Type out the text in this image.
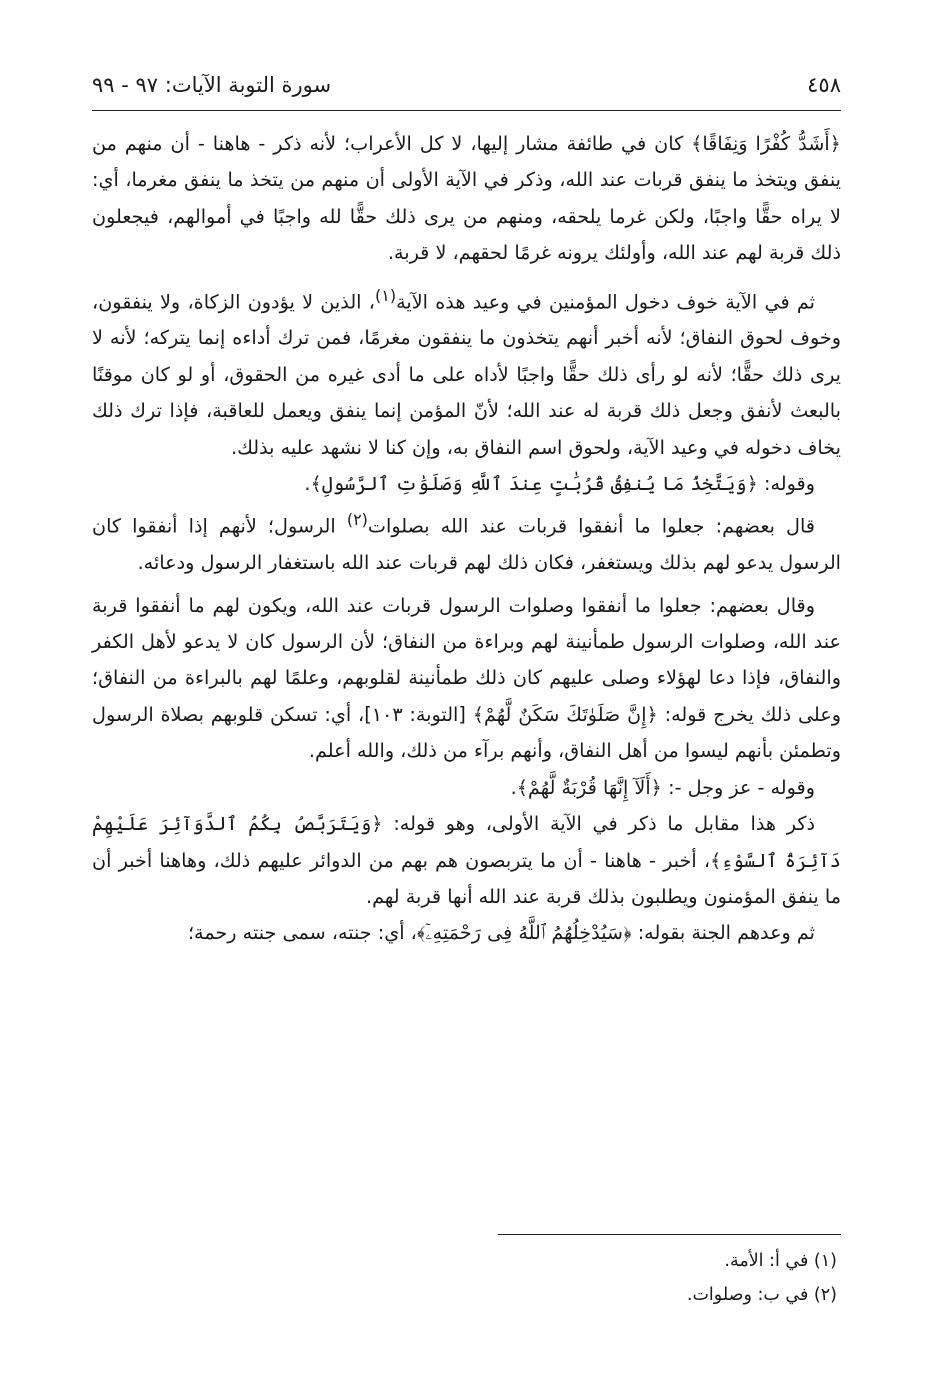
٤٥٨
سورة التوبة الآيات: ٩٧ - ٩٩

﴿أَشَدُّ كُفْرًا وَنِفَاقًا﴾ كان في طائفة مشار إليها، لا كل الأعراب؛ لأنه ذكر - هاهنا - أن منهم من ينفق ويتخذ ما ينفق قربات عند الله، وذكر في الآية الأولى أن منهم من يتخذ ما ينفق مغرما، أي: لا يراه حقًّا واجبًا، ولكن غرما يلحقه، ومنهم من يرى ذلك حقًّا لله واجبًا في أموالهم، فيجعلون ذلك قربة لهم عند الله، وأولئك يرونه غرمًا لحقهم، لا قربة.

ثم في الآية خوف دخول المؤمنين في وعيد هذه الآية$^{(١)}$، الذين لا يؤدون الزكاة، ولا ينفقون، وخوف لحوق النفاق؛ لأنه أخبر أنهم يتخذون ما ينفقون مغرمًا، فمن ترك أداءه إنما يتركه؛ لأنه لا يرى ذلك حقًّا؛ لأنه لو رأى ذلك حقًّا واجبًا لأداه على ما أدى غيره من الحقوق، أو لو كان موقنًا بالبعث لأنفق وجعل ذلك قربة له عند الله؛ لأنّ المؤمن إنما ينفق ويعمل للعاقبة، فإذا ترك ذلك يخاف دخوله في وعيد الآية، ولحوق اسم النفاق به، وإن كنا لا نشهد عليه بذلك.

وقوله: ﴿وَيَتَّخِذُ مَا يُنفِقُ قُرُبَٰتٍ عِندَ ٱللَّهِ وَصَلَوَٰتِ ٱلرَّسُولِ﴾.

قال بعضهم: جعلوا ما أنفقوا قربات عند الله بصلوات$^{(٢)}$ الرسول؛ لأنهم إذا أنفقوا كان الرسول يدعو لهم بذلك ويستغفر، فكان ذلك لهم قربات عند الله باستغفار الرسول ودعائه.

وقال بعضهم: جعلوا ما أنفقوا وصلوات الرسول قربات عند الله، ويكون لهم ما أنفقوا قربة عند الله، وصلوات الرسول طمأنينة لهم وبراءة من النفاق؛ لأن الرسول كان لا يدعو لأهل الكفر والنفاق، فإذا دعا لهؤلاء وصلى عليهم كان ذلك طمأنينة لقلوبهم، وعلمًا لهم بالبراءة من النفاق؛ وعلى ذلك يخرج قوله: ﴿إِنَّ صَلَوٰتَكَ سَكَنٌ لَّهُمْ﴾ [التوبة: ١٠٣]، أي: تسكن قلوبهم بصلاة الرسول وتطمئن بأنهم ليسوا من أهل النفاق، وأنهم برآء من ذلك، والله أعلم.

وقوله - عز وجل -: ﴿أَلَآ إِنَّهَا قُرْبَةٌ لَّهُمْ﴾.

ذكر هذا مقابل ما ذكر في الآية الأولى، وهو قوله: ﴿وَيَتَرَبَّصُ بِكُمُ ٱلدَّوَآئِرَ عَلَيْهِمْ دَآئِرَةُ ٱلسَّوْءِ﴾، أخبر - هاهنا - أن ما يتربصون هم بهم من الدوائر عليهم ذلك، وهاهنا أخبر أن ما ينفق المؤمنون ويطلبون بذلك قربة عند الله أنها قربة لهم.

ثم وعدهم الجنة بقوله: ﴿سَيُدْخِلُهُمُ ٱللَّهُ فِى رَحْمَتِهِۦٓ﴾، أي: جنته، سمى جنته رحمة؛

(١) في أ: الأمة.

(٢) في ب: وصلوات.
